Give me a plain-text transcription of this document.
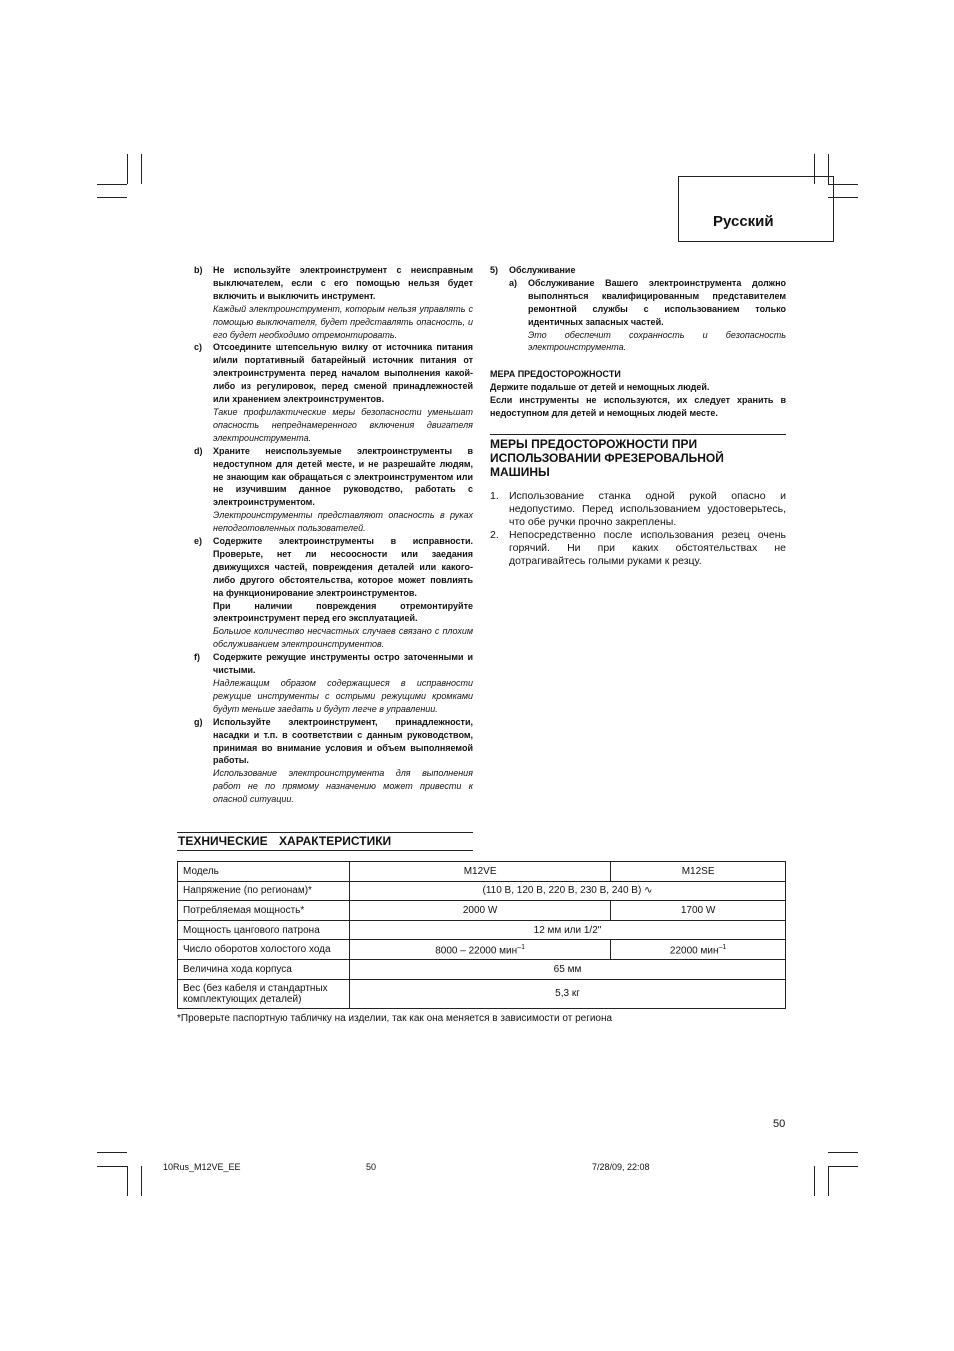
Русский
b) Не используйте электроинструмент с неисправным выключателем, если с его помощью нельзя будет включить и выключить инструмент.
Каждый электроинструмент, которым нельзя управлять с помощью выключателя, будет представлять опасность, и его будет необходимо отремонтировать.
c) Отсоедините штепсельную вилку от источника питания и/или портативный батарейный источник питания от электроинструмента перед началом выполнения какой-либо из регулировок, перед сменой принадлежностей или хранением электроинструментов.
Такие профилактические меры безопасности уменьшат опасность непреднамеренного включения двигателя электроинструмента.
d) Храните неиспользуемые электроинструменты в недоступном для детей месте, и не разрешайте людям, не знающим как обращаться с электроинструментом или не изучившим данное руководство, работать с электроинструментом.
Электроинструменты представляют опасность в руках неподготовленных пользователей.
e) Содержите электроинструменты в исправности. Проверьте, нет ли несоосности или заедания движущихся частей, повреждения деталей или какого-либо другого обстоятельства, которое может повлиять на функционирование электроинструментов.
При наличии повреждения отремонтируйте электроинструмент перед его эксплуатацией.
Большое количество несчастных случаев связано с плохим обслуживанием электроинструментов.
f) Содержите режущие инструменты остро заточенными и чистыми.
Надлежащим образом содержащиеся в исправности режущие инструменты с острыми режущими кромками будут меньше заедать и будут легче в управлении.
g) Используйте электроинструмент, принадлежности, насадки и т.п. в соответствии с данным руководством, принимая во внимание условия и объем выполняемой работы.
Использование электроинструмента для выполнения работ не по прямому назначению может привести к опасной ситуации.
5) Обслуживание
a) Обслуживание Вашего электроинструмента должно выполняться квалифицированным представителем ремонтной службы с использованием только идентичных запасных частей.
Это обеспечит сохранность и безопасность электроинструмента.
МЕРА ПРЕДОСТОРОЖНОСТИ
Держите подальше от детей и немощных людей.
Если инструменты не используются, их следует хранить в недоступном для детей и немощных людей месте.
МЕРЫ ПРЕДОСТОРОЖНОСТИ ПРИ ИСПОЛЬЗОВАНИИ ФРЕЗЕРОВАЛЬНОЙ МАШИНЫ
1. Использование станка одной рукой опасно и недопустимо. Перед использованием удостоверьтесь, что обе ручки прочно закреплены.
2. Непосредственно после использования резец очень горячий. Ни при каких обстоятельствах не дотрагивайтесь голыми руками к резцу.
ТЕХНИЧЕСКИЕ ХАРАКТЕРИСТИКИ
Модель	M12VE	M12SE
Напряжение (по регионам)*	(110 В, 120 В, 220 В, 230 В, 240 В) ∿	
Потребляемая мощность*	2000 W	1700 W
Мощность цангового патрона	12 мм или 1/2"	
Число оборотов холостого хода	8000 – 22000 мин$^{-1}$	22000 мин$^{-1}$
Величина хода корпуса	65 мм	
Вес (без кабеля и стандартных комплектующих деталей)	5,3 кг	
*Проверьте паспортную табличку на изделии, так как она меняется в зависимости от региона
50
10Rus_M12VE_EE	50	7/28/09, 22:08
